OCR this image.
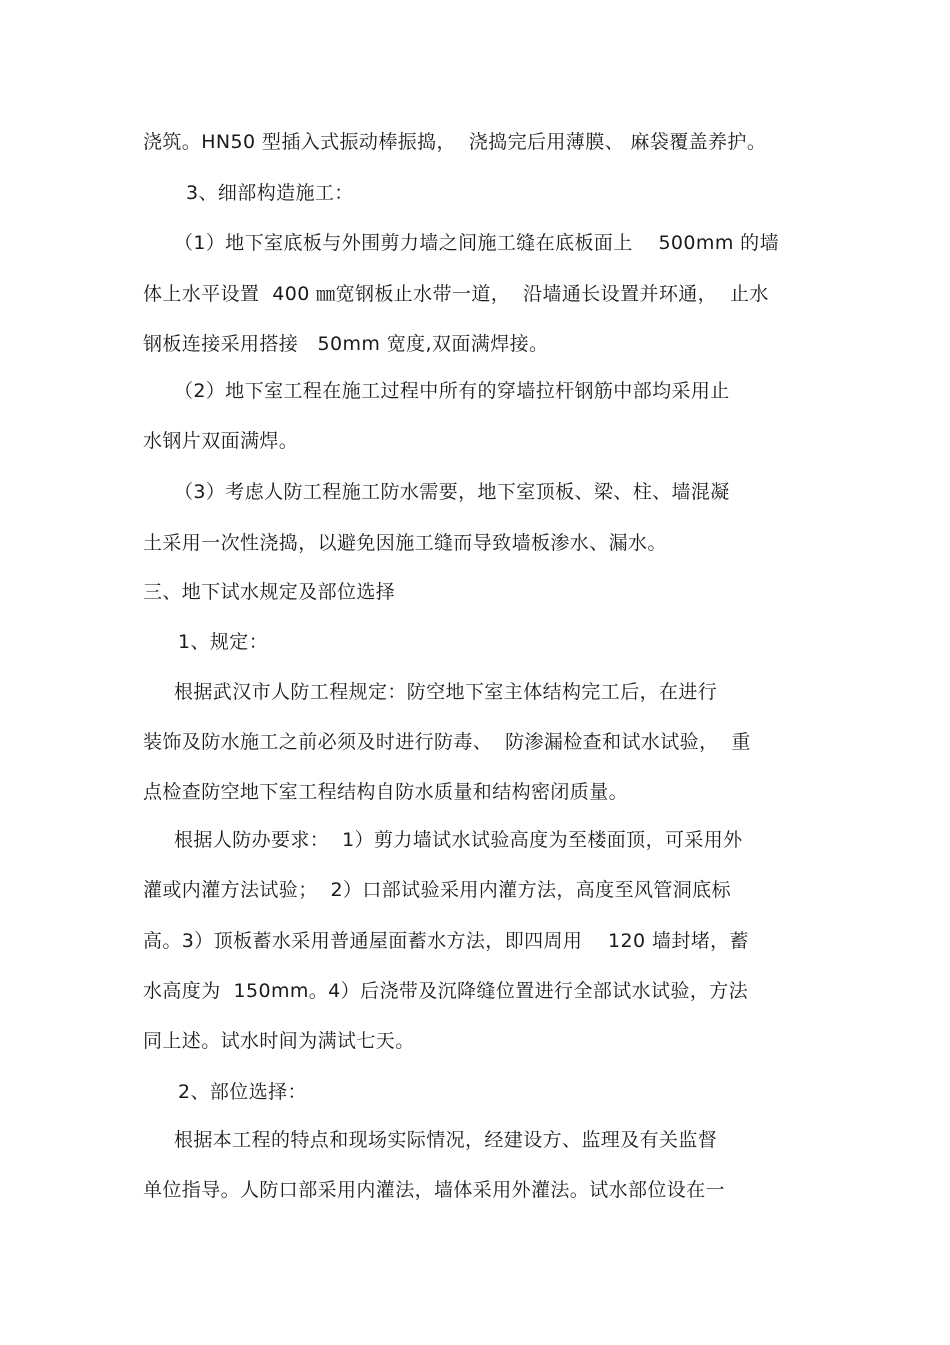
浇筑。HN50 型插入式振动棒振捣，  浇捣完后用薄膜、 麻袋覆盖养护。
3、细部构造施工：
（1）地下室底板与外围剪力墙之间施工缝在底板面上    500mm 的墙
体上水平设置  400 ㎜宽钢板止水带一道，  沿墙通长设置并环通，  止水
钢板连接采用搭接   50mm 宽度,双面满焊接。
（2）地下室工程在施工过程中所有的穿墙拉杆钢筋中部均采用止
水钢片双面满焊。
（3）考虑人防工程施工防水需要，地下室顶板、梁、柱、墙混凝
土采用一次性浇捣，以避免因施工缝而导致墙板渗水、漏水。
三、地下试水规定及部位选择
1、规定：
根据武汉市人防工程规定：防空地下室主体结构完工后，在进行
装饰及防水施工之前必须及时进行防毒、  防渗漏检查和试水试验，  重
点检查防空地下室工程结构自防水质量和结构密闭质量。
根据人防办要求：  1）剪力墙试水试验高度为至楼面顶，可采用外
灌或内灌方法试验；  2）口部试验采用内灌方法，高度至风管洞底标
高。3）顶板蓄水采用普通屋面蓄水方法，即四周用    120 墙封堵，蓄
水高度为  150mm。4）后浇带及沉降缝位置进行全部试水试验，方法
同上述。试水时间为满试七天。
2、部位选择：
根据本工程的特点和现场实际情况，经建设方、监理及有关监督
单位指导。人防口部采用内灌法，墙体采用外灌法。试水部位设在一
